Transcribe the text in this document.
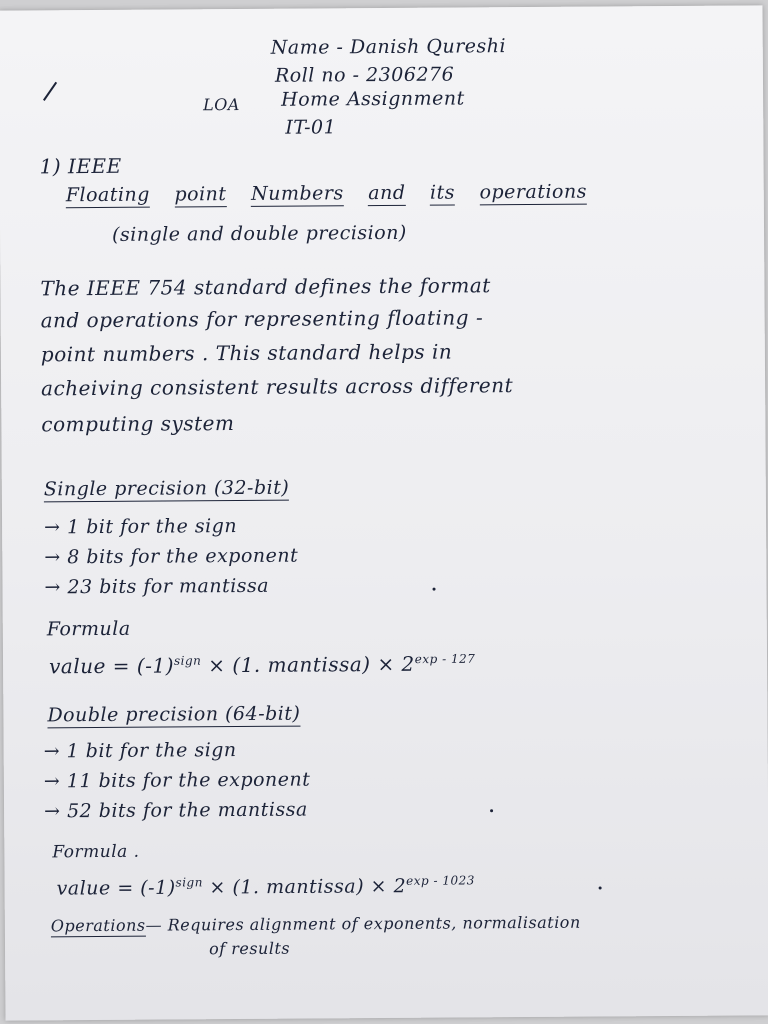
Name - Danish Qureshi
Roll no - 2306276
LOA Home Assignment
IT-01
1) IEEE
Floating point Numbers and its operations
(single and double precision)
The IEEE 754 standard defines the format
and operations for representing floating -
point numbers . This standard helps in
acheiving consistent results across different
computing system
Single precision (32-bit)
→ 1 bit for the sign
→ 8 bits for the exponent
→ 23 bits for mantissa
Formula
value = $(-1)^{sign} \times (1$. mantissa) × $2^{exp - 127}$
Double precision (64-bit)
→ 1 bit for the sign
→ 11 bits for the exponent
→ 52 bits for the mantissa
Formula .
value = $(-1)^{sign} \times (1$. mantissa) × $2^{exp - 1023}$
Operations— Requires alignment of exponents, normalisation
of results
